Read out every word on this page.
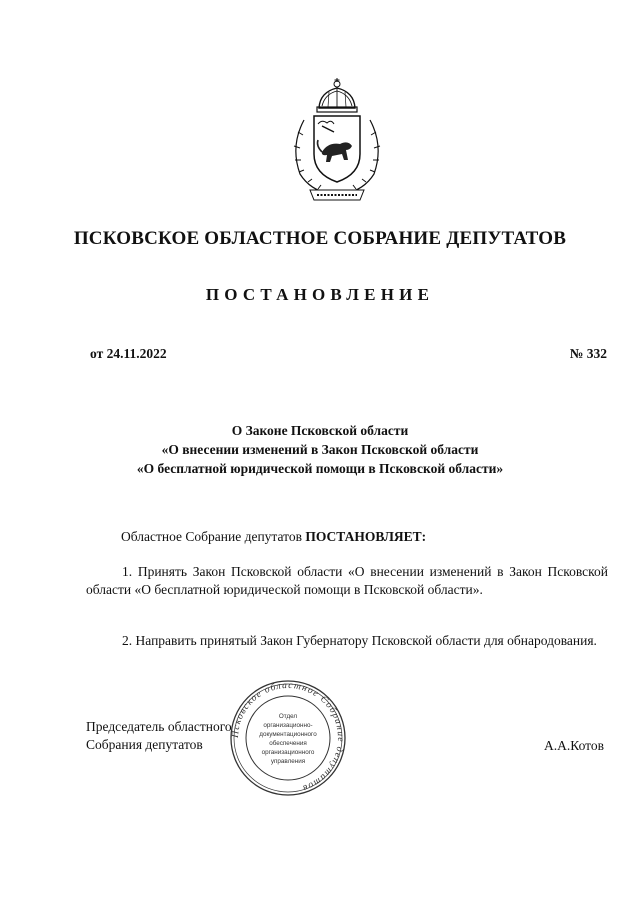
ПСКОВСКОЕ ОБЛАСТНОЕ СОБРАНИЕ ДЕПУТАТОВ
ПОСТАНОВЛЕНИЕ
от 24.11.2022	№ 332
О Законе Псковской области
«О внесении изменений в Закон Псковской области
«О бесплатной юридической помощи в Псковской области»
Областное Собрание депутатов ПОСТАНОВЛЯЕТ:
1. Принять Закон Псковской области «О внесении изменений в Закон Псковской области «О бесплатной юридической помощи в Псковской области».
2. Направить принятый Закон Губернатору Псковской области для обнародования.
Председатель областного
Собрания депутатов	А.А.Котов
Псковское областное Собрание депутатов
Отдел
организационно-
документационного
обеспечения
организационного
управления
